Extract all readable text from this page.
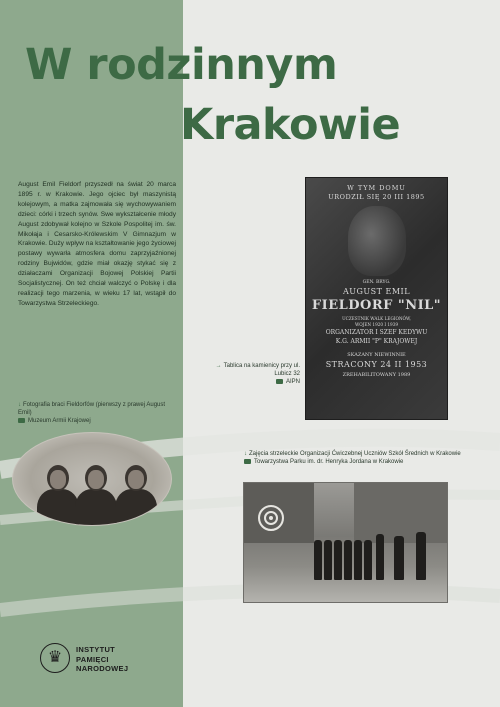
W rodzinnym
Krakowie

August Emil Fieldorf przyszedł na świat 20 marca 1895 r. w Krakowie. Jego ojciec był maszynistą kolejowym, a matka zajmowała się wychowywaniem dzieci: córki i trzech synów. Swe wykształcenie młody August zdobywał kolejno w Szkole Pospolitej im. św. Mikołaja i Cesarsko-Królewskim V Gimnazjum w Krakowie. Duży wpływ na kształtowanie jego życiowej postawy wywarła atmosfera domu zaprzyjaźnionej rodziny Bujwidów, gdzie miał okazję stykać się z działaczami Organizacji Bojowej Polskiej Partii Socjalistycznej. On też chciał walczyć o Polskę i dla realizacji tego marzenia, w wieku 17 lat, wstąpił do Towarzystwa Strzeleckiego.

W TYM DOMU
URODZIŁ SIĘ 20 III 1895
GEN. BRYG.
AUGUST EMIL
FIELDORF "NIL"
UCZESTNIK WALK LEGIONÓW,
WOJEN 1920 I 1939
ORGANIZATOR I SZEF KEDYWU
K.G. ARMII "P" KRAJOWEJ
SKAZANY NIEWINNIE
STRACONY 24 II 1953
ZREHABILITOWANY 1989
→ Tablica na kamienicy przy ul. Lubicz 32
AIPN
↓ Fotografia braci Fieldorfów (pierwszy z prawej August Emil)
Muzeum Armii Krajowej
↓ Zajęcia strzeleckie Organizacji Ćwiczebnej Uczniów Szkół Średnich w Krakowie
Towarzystwa Parku im. dr. Henryka Jordana w Krakowie
♛ INSTYTUT
PAMIĘCI
NARODOWEJ
